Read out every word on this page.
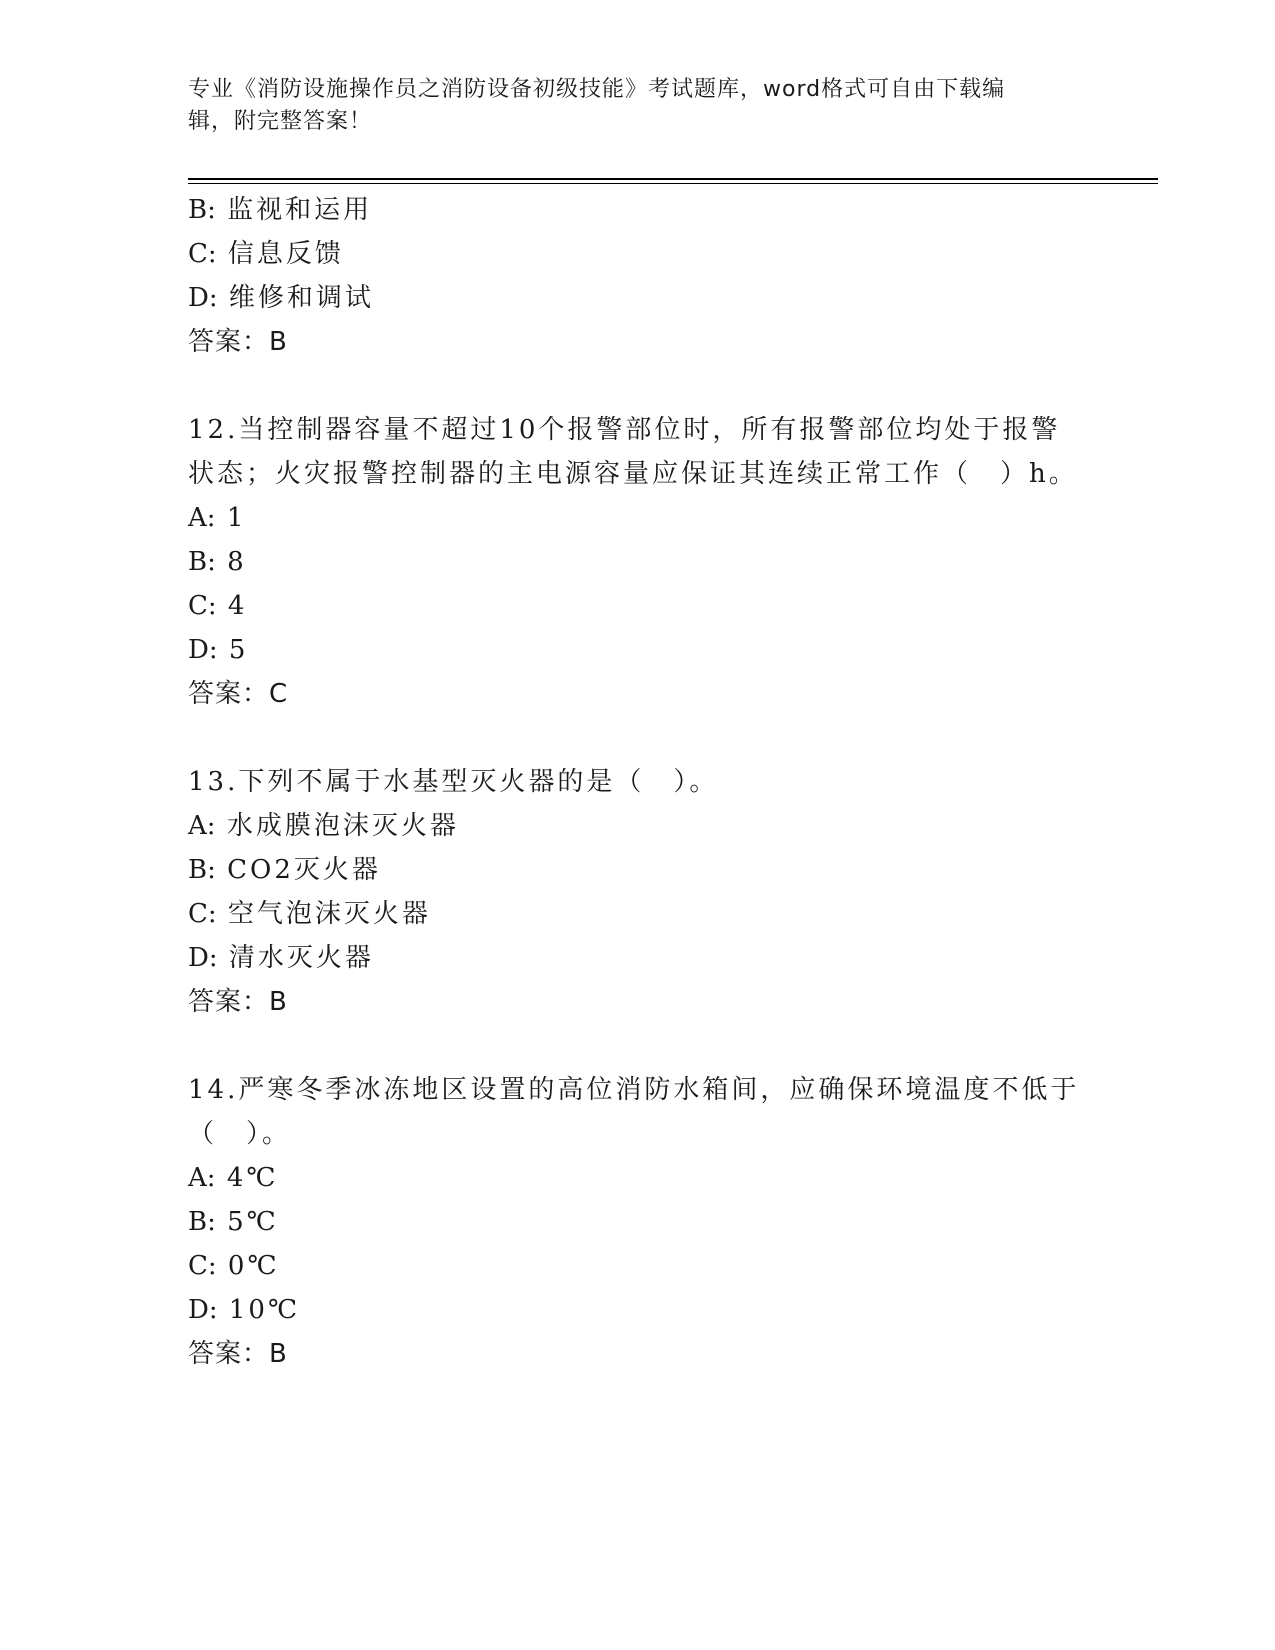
专业《消防设施操作员之消防设备初级技能》考试题库，word格式可自由下载编
辑，附完整答案！
B: 监视和运用
C: 信息反馈
D: 维修和调试
答案：B
12.当控制器容量不超过10个报警部位时，所有报警部位均处于报警
状态；火灾报警控制器的主电源容量应保证其连续正常工作（　）h。
A: 1
B: 8
C: 4
D: 5
答案：C
13.下列不属于水基型灭火器的是（　）。
A: 水成膜泡沫灭火器
B: CO2灭火器
C: 空气泡沫灭火器
D: 清水灭火器
答案：B
14.严寒冬季冰冻地区设置的高位消防水箱间，应确保环境温度不低于
（　）。
A: 4℃
B: 5℃
C: 0℃
D: 10℃
答案：B
